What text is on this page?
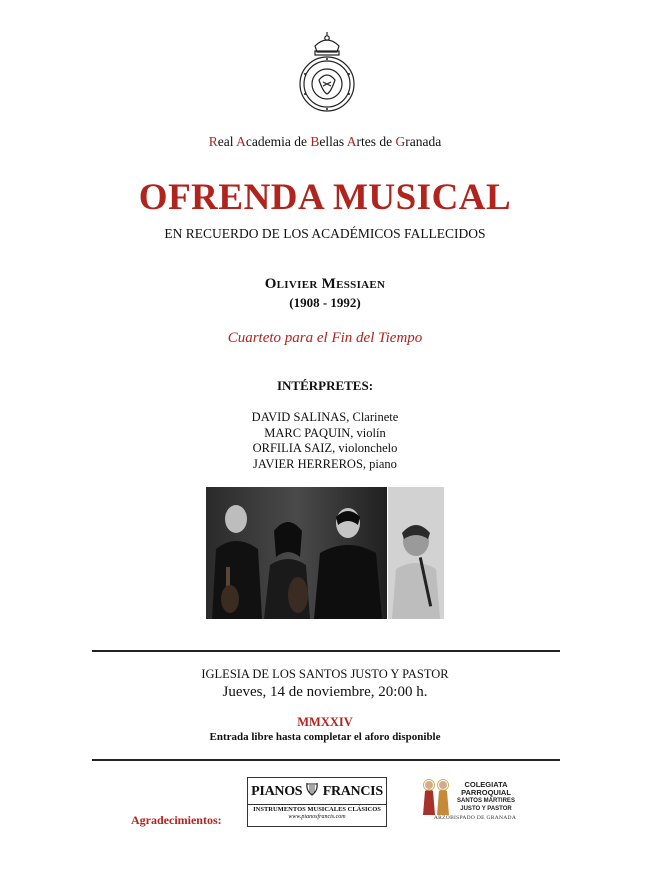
Real Academia de Bellas Artes de Granada
OFRENDA MUSICAL
EN RECUERDO DE LOS ACADÉMICOS FALLECIDOS
Olivier Messiaen
(1908 - 1992)
Cuarteto para el Fin del Tiempo
INTÉRPRETES:
DAVID SALINAS, Clarinete
MARC PAQUIN, violín
ORFILIA SAIZ, violonchelo
JAVIER HERREROS, piano
IGLESIA DE LOS SANTOS JUSTO Y PASTOR
Jueves, 14 de noviembre, 20:00 h.
MMXXIV
Entrada libre hasta completar el aforo disponible
Agradecimientos:
PIANOS FRANCIS
INSTRUMENTOS MUSICALES CLÁSICOS
www.pianosfrancis.com
COLEGIATA
PARROQUIAL
SANTOS MÁRTIRES
JUSTO Y PASTOR
ARZOBISPADO DE GRANADA
